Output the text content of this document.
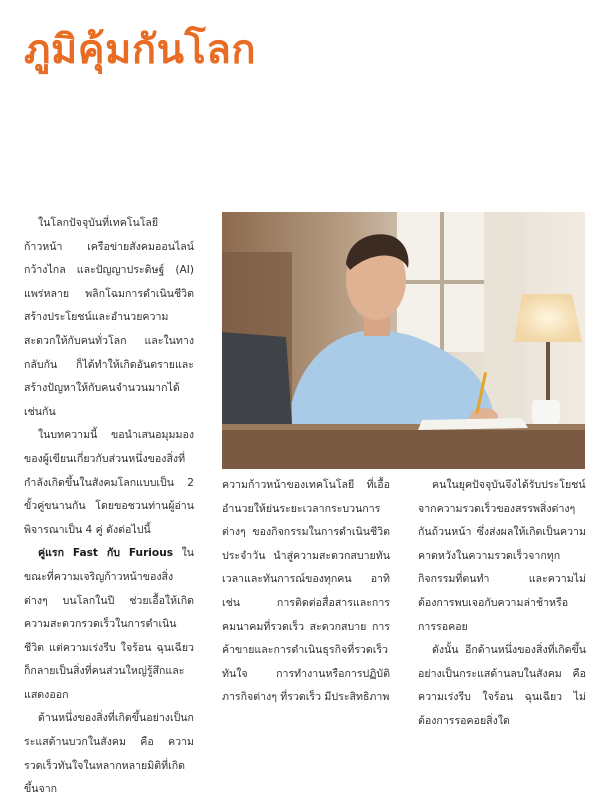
ภูมิคุ้มกันโลก

ในโลกปัจจุบันที่เทคโนโลยีก้าวหน้า เครือข่ายสังคมออนไลน์กว้างไกล และปัญญาประดิษฐ์ (AI) แพร่หลาย พลิกโฉมการดำเนินชีวิต สร้างประโยชน์และอำนวยความสะดวกให้กับคนทั่วโลก และในทางกลับกัน ก็ได้ทำให้เกิดอันตรายและสร้างปัญหาให้กับคนจำนวนมากได้เช่นกัน

ในบทความนี้ ขอนำเสนอมุมมองของผู้เขียนเกี่ยวกับส่วนหนึ่งของสิ่งที่กำลังเกิดขึ้นในสังคมโลกแบบเป็น 2 ขั้วคู่ขนานกัน โดยขอชวนท่านผู้อ่านพิจารณาเป็น 4 คู่ ดังต่อไปนี้

คู่แรก Fast กับ Furious ในขณะที่ความเจริญก้าวหน้าของสิ่งต่างๆ บนโลกในปี ช่วยเอื้อให้เกิดความสะดวกรวดเร็วในการดำเนินชีวิต แต่ความเร่งรีบ ใจร้อน ฉุนเฉียว ก็กลายเป็นสิ่งที่คนส่วนใหญ่รู้สึกและแสดงออก

ด้านหนึ่งของสิ่งที่เกิดขึ้นอย่างเป็นกระแสด้านบวกในสังคม คือ ความรวดเร็วทันใจในหลากหลายมิติที่เกิดขึ้นจาก

ความก้าวหน้าของเทคโนโลยี ที่เอื้ออำนวยให้ย่นระยะเวลากระบวนการต่างๆ ของกิจกรรมในการดำเนินชีวิตประจำวัน นำสู่ความสะดวกสบายทันเวลาและทันการณ์ของทุกคน อาทิเช่น การติดต่อสื่อสารและการคมนาคมที่รวดเร็ว สะดวกสบาย การค้าขายและการดำเนินธุรกิจที่รวดเร็วทันใจ การทำงานหรือการปฏิบัติภารกิจต่างๆ ที่รวดเร็ว มีประสิทธิภาพ

คนในยุคปัจจุบันจึงได้รับประโยชน์จากความรวดเร็วของสรรพสิ่งต่างๆ กันถ้วนหน้า ซึ่งส่งผลให้เกิดเป็นความคาดหวังในความรวดเร็วจากทุกกิจกรรมที่ตนทำ และความไม่ต้องการพบเจอกับความล่าช้าหรือการรอคอย

ดังนั้น อีกด้านหนึ่งของสิ่งที่เกิดขึ้นอย่างเป็นกระแสด้านลบในสังคม คือ ความเร่งรีบ ใจร้อน ฉุนเฉียว ไม่ต้องการรอคอยสิ่งใด
